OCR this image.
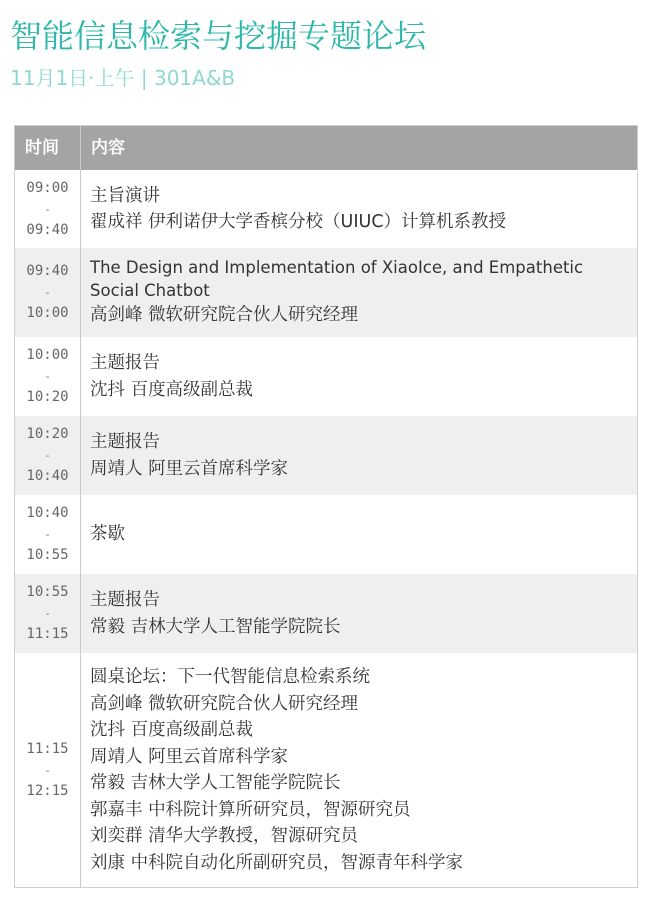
智能信息检索与挖掘专题论坛
11月1日·上午 | 301A&B
时间	内容
09:00
-
09:40
主旨演讲
翟成祥 伊利诺伊大学香槟分校（UIUC）计算机系教授
09:40
-
10:00
The Design and Implementation of XiaoIce, and Empathetic Social Chatbot
高剑峰 微软研究院合伙人研究经理
10:00
-
10:20
主题报告
沈抖 百度高级副总裁
10:20
-
10:40
主题报告
周靖人 阿里云首席科学家
10:40
-
10:55
茶歇
10:55
-
11:15
主题报告
常毅 吉林大学人工智能学院院长
11:15
-
12:15
圆桌论坛：下一代智能信息检索系统
高剑峰 微软研究院合伙人研究经理
沈抖 百度高级副总裁
周靖人 阿里云首席科学家
常毅 吉林大学人工智能学院院长
郭嘉丰 中科院计算所研究员，智源研究员
刘奕群 清华大学教授，智源研究员
刘康 中科院自动化所副研究员，智源青年科学家
